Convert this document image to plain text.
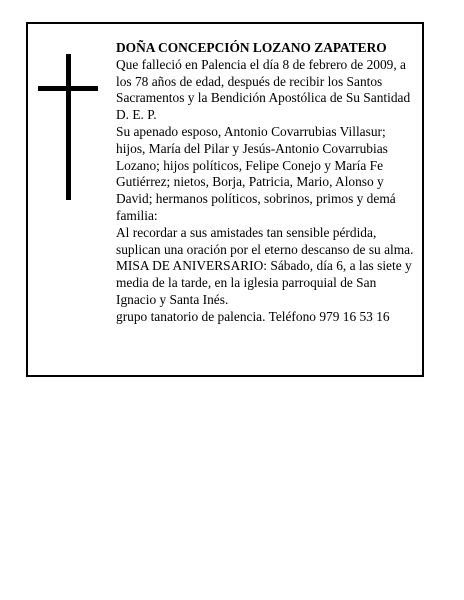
DOÑA CONCEPCIÓN LOZANO ZAPATERO

Que falleció en Palencia el día 8 de febrero de 2009, a

los 78 años de edad, después de recibir los Santos

Sacramentos y la Bendición Apostólica de Su Santidad

D. E. P.

Su apenado esposo, Antonio Covarrubias Villasur;

hijos, María del Pilar y Jesús-Antonio Covarrubias

Lozano; hijos políticos, Felipe Conejo y María Fe

Gutiérrez; nietos, Borja, Patricia, Mario, Alonso y

David; hermanos políticos, sobrinos, primos y demá

familia:

Al recordar a sus amistades tan sensible pérdida,

suplican una oración por el eterno descanso de su alma.

MISA DE ANIVERSARIO: Sábado, día 6, a las siete y

media de la tarde, en la iglesia parroquial de San

Ignacio y Santa Inés.

grupo tanatorio de palencia. Teléfono 979 16 53 16
